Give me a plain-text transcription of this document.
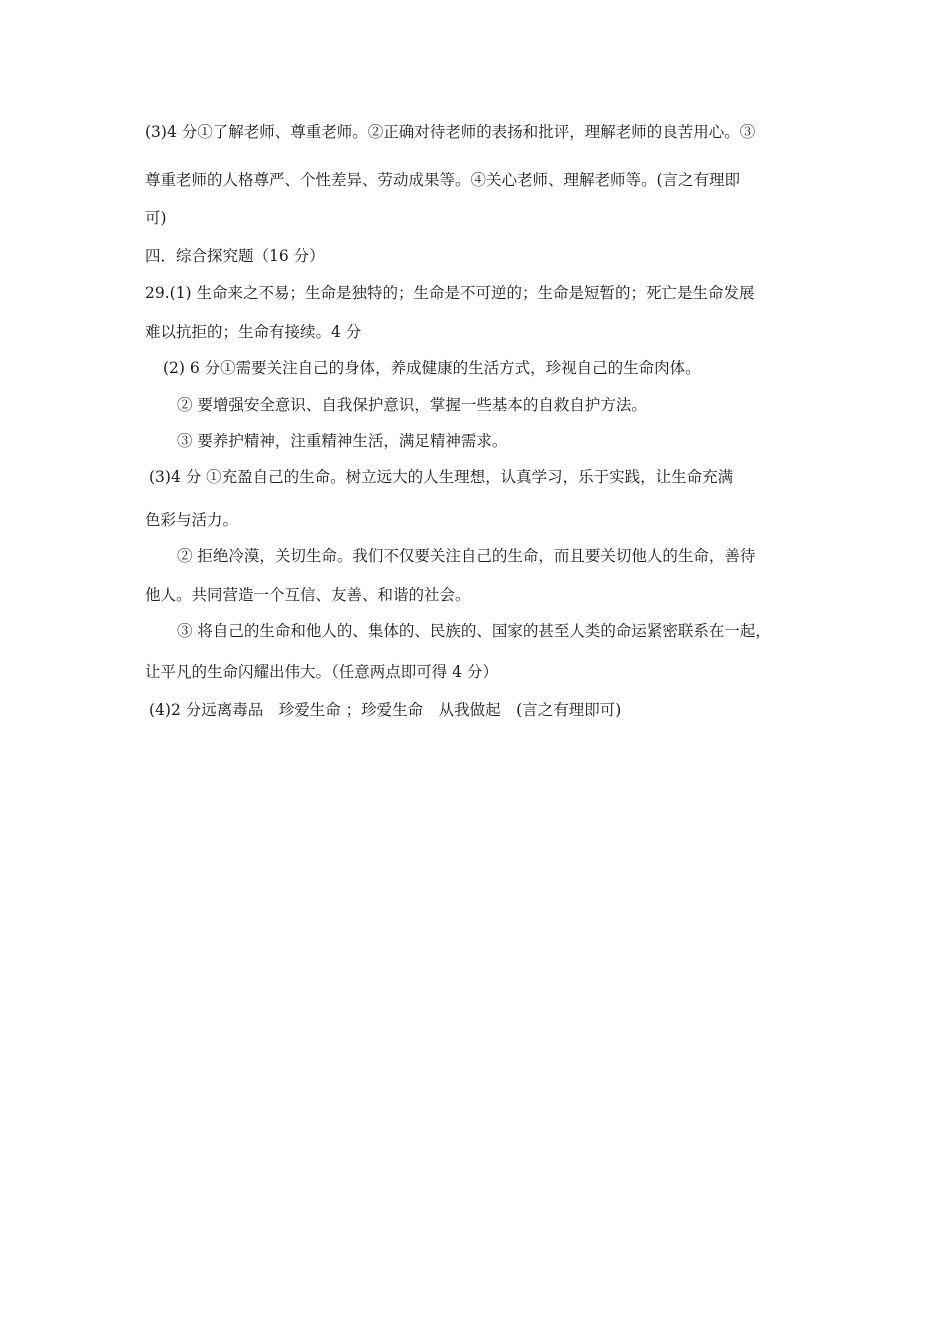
(3)4 分①了解老师、尊重老师。②正确对待老师的表扬和批评，理解老师的良苦用心。③
尊重老师的人格尊严、个性差异、劳动成果等。④关心老师、理解老师等。(言之有理即
可)
四．综合探究题（16 分）
29.(1) 生命来之不易；生命是独特的；生命是不可逆的；生命是短暂的；死亡是生命发展
难以抗拒的；生命有接续。4 分
(2) 6 分①需要关注自己的身体，养成健康的生活方式，珍视自己的生命肉体。
② 要增强安全意识、自我保护意识，掌握一些基本的自救自护方法。
③ 要养护精神，注重精神生活，满足精神需求。
(3)4 分 ①充盈自己的生命。树立远大的人生理想，认真学习，乐于实践，让生命充满
色彩与活力。
② 拒绝冷漠，关切生命。我们不仅要关注自己的生命，而且要关切他人的生命，善待
他人。共同营造一个互信、友善、和谐的社会。
③ 将自己的生命和他人的、集体的、民族的、国家的甚至人类的命运紧密联系在一起，
让平凡的生命闪耀出伟大。（任意两点即可得 4 分）
(4)2 分远离毒品　珍爱生命 ；珍爱生命　从我做起　(言之有理即可)
